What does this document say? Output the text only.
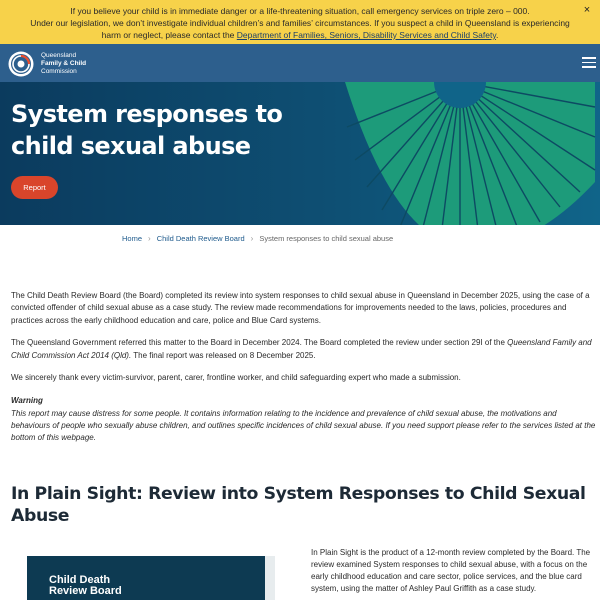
If you believe your child is in immediate danger or a life-threatening situation, call emergency services on triple zero – 000.
Under our legislation, we don’t investigate individual children’s and families’ circumstances. If you suspect a child in Queensland is experiencing harm or neglect, please contact the Department of Families, Seniors, Disability Services and Child Safety.
×
Queensland
Family & Child
Commission
System responses to child sexual abuse
Report
Home › Child Death Review Board › System responses to child sexual abuse

The Child Death Review Board (the Board) completed its review into system responses to child sexual abuse in Queensland in December 2025, using the case of a convicted offender of child sexual abuse as a case study. The review made recommendations for improvements needed to the laws, policies, procedures and practices across the early childhood education and care, police and Blue Card systems.

The Queensland Government referred this matter to the Board in December 2024. The Board completed the review under section 29I of the Queensland Family and Child Commission Act 2014 (Qld). The final report was released on 8 December 2025.

We sincerely thank every victim-survivor, parent, carer, frontline worker, and child safeguarding expert who made a submission.

Warning

This report may cause distress for some people. It contains information relating to the incidence and prevalence of child sexual abuse, the motivations and behaviours of people who sexually abuse children, and outlines specific incidences of child sexual abuse. If you need support please refer to the services listed at the bottom of this webpage.

In Plain Sight: Review into System Responses to Child Sexual Abuse
Child Death
Review Board
In Plain Sight is the product of a 12-month review completed by the Board. The review examined System responses to child sexual abuse, with a focus on the early childhood education and care sector, police services, and the blue card system, using the matter of Ashley Paul Griffith as a case study.
